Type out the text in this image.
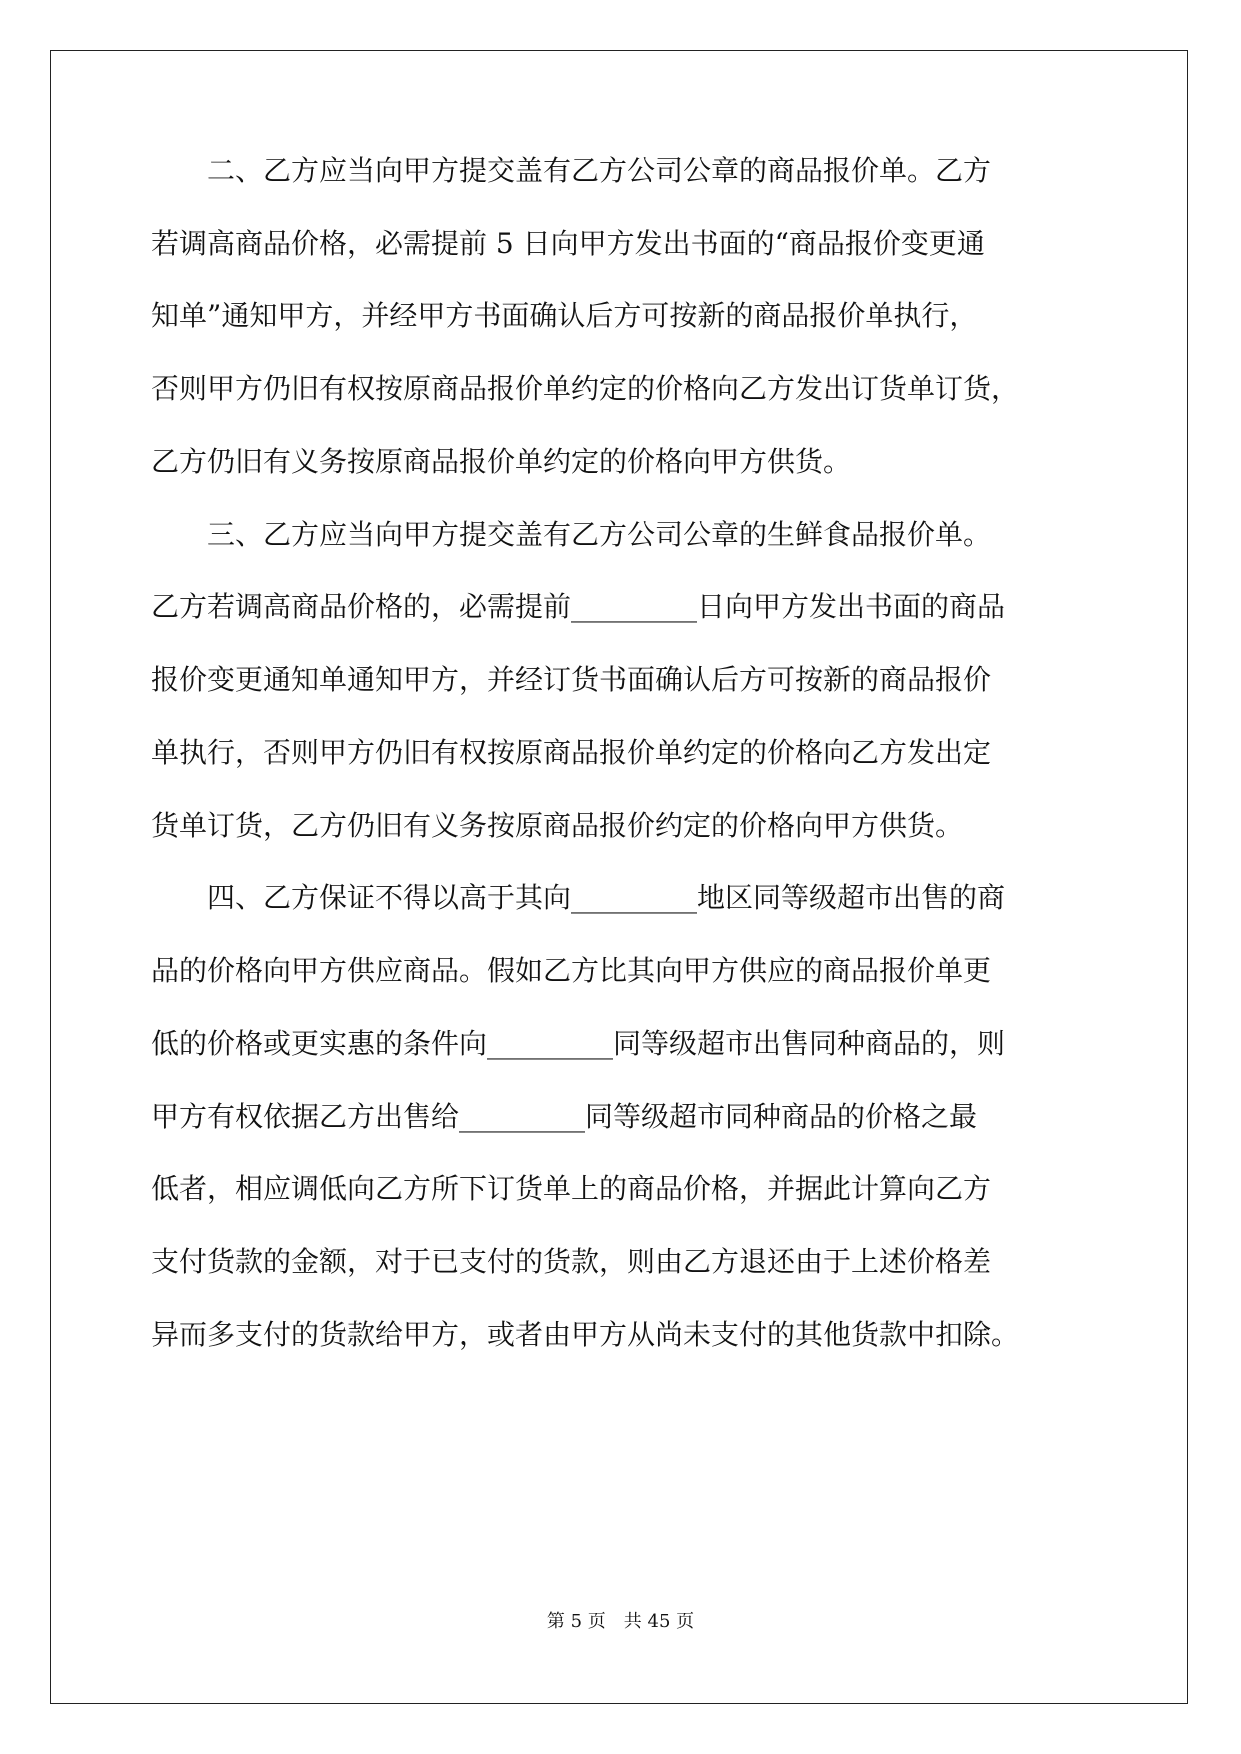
　　二、乙方应当向甲方提交盖有乙方公司公章的商品报价单。乙方
若调高商品价格，必需提前 5 日向甲方发出书面的“商品报价变更通
知单”通知甲方，并经甲方书面确认后方可按新的商品报价单执行，
否则甲方仍旧有权按原商品报价单约定的价格向乙方发出订货单订货，
乙方仍旧有义务按原商品报价单约定的价格向甲方供货。
　　三、乙方应当向甲方提交盖有乙方公司公章的生鲜食品报价单。
乙方若调高商品价格的，必需提前_________日向甲方发出书面的商品
报价变更通知单通知甲方，并经订货书面确认后方可按新的商品报价
单执行，否则甲方仍旧有权按原商品报价单约定的价格向乙方发出定
货单订货，乙方仍旧有义务按原商品报价约定的价格向甲方供货。
　　四、乙方保证不得以高于其向_________地区同等级超市出售的商
品的价格向甲方供应商品。假如乙方比其向甲方供应的商品报价单更
低的价格或更实惠的条件向_________同等级超市出售同种商品的，则
甲方有权依据乙方出售给_________同等级超市同种商品的价格之最
低者，相应调低向乙方所下订货单上的商品价格，并据此计算向乙方
支付货款的金额，对于已支付的货款，则由乙方退还由于上述价格差
异而多支付的货款给甲方，或者由甲方从尚未支付的其他货款中扣除。
第 5 页 共 45 页
